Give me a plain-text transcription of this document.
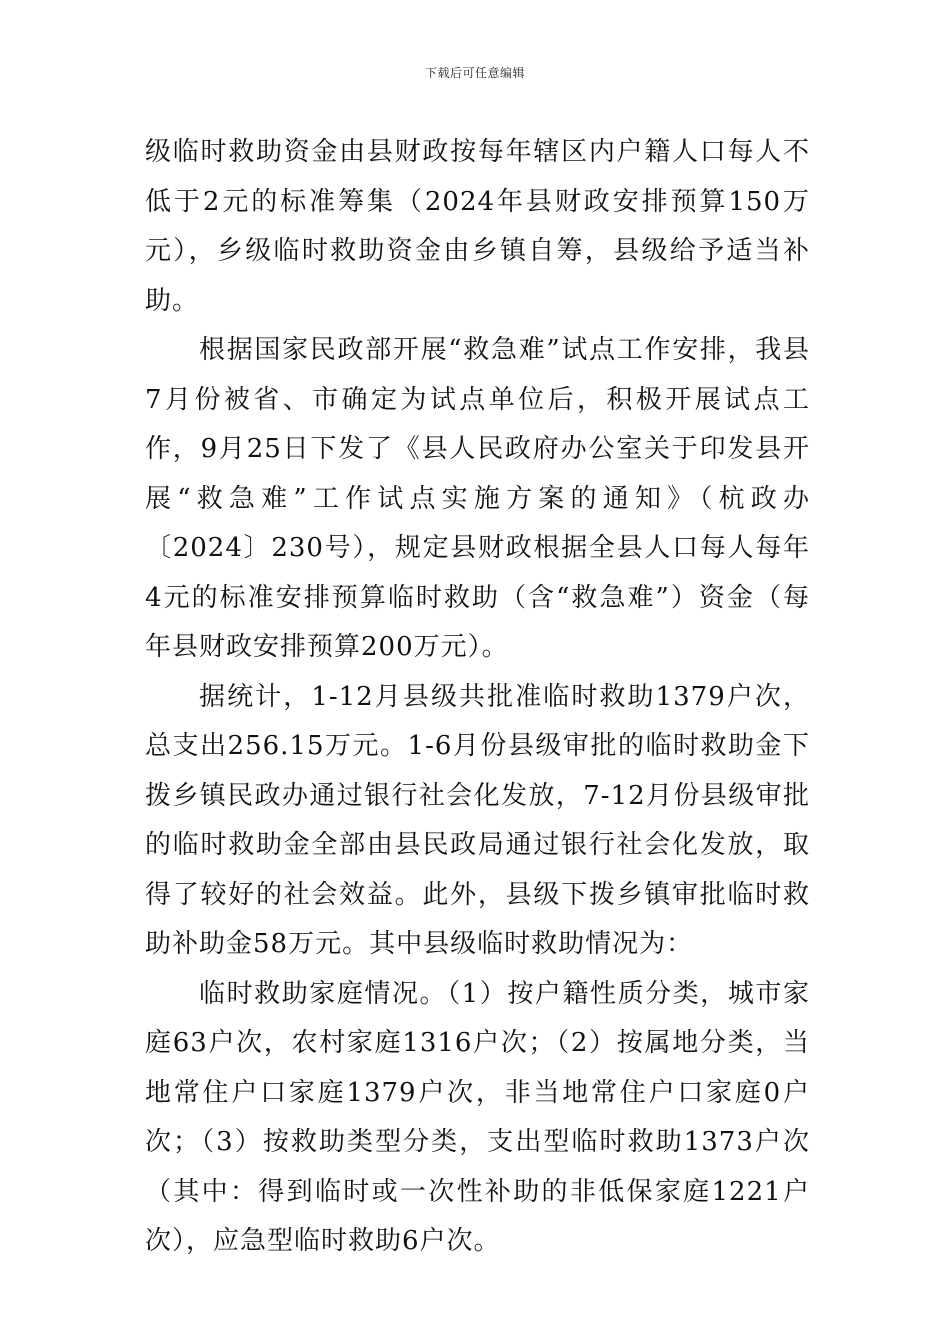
下载后可任意编辑

级临时救助资金由县财政按每年辖区内户籍人口每人不低于2元的标准筹集（2024年县财政安排预算150万元），乡级临时救助资金由乡镇自筹，县级给予适当补助。

根据国家民政部开展“救急难”试点工作安排，我县7月份被省、市确定为试点单位后，积极开展试点工作，9月25日下发了《县人民政府办公室关于印发县开展“救急难”工作试点实施方案的通知》（杭政办〔2024〕230号），规定县财政根据全县人口每人每年4元的标准安排预算临时救助（含“救急难”）资金（每年县财政安排预算200万元）。

据统计，1-12月县级共批准临时救助1379户次，总支出256.15万元。1-6月份县级审批的临时救助金下拨乡镇民政办通过银行社会化发放，7-12月份县级审批的临时救助金全部由县民政局通过银行社会化发放，取得了较好的社会效益。此外，县级下拨乡镇审批临时救助补助金58万元。其中县级临时救助情况为：

临时救助家庭情况。（1）按户籍性质分类，城市家庭63户次，农村家庭1316户次；（2）按属地分类，当地常住户口家庭1379户次，非当地常住户口家庭0户次；（3）按救助类型分类，支出型临时救助1373户次（其中：得到临时或一次性补助的非低保家庭1221户次），应急型临时救助6户次。
